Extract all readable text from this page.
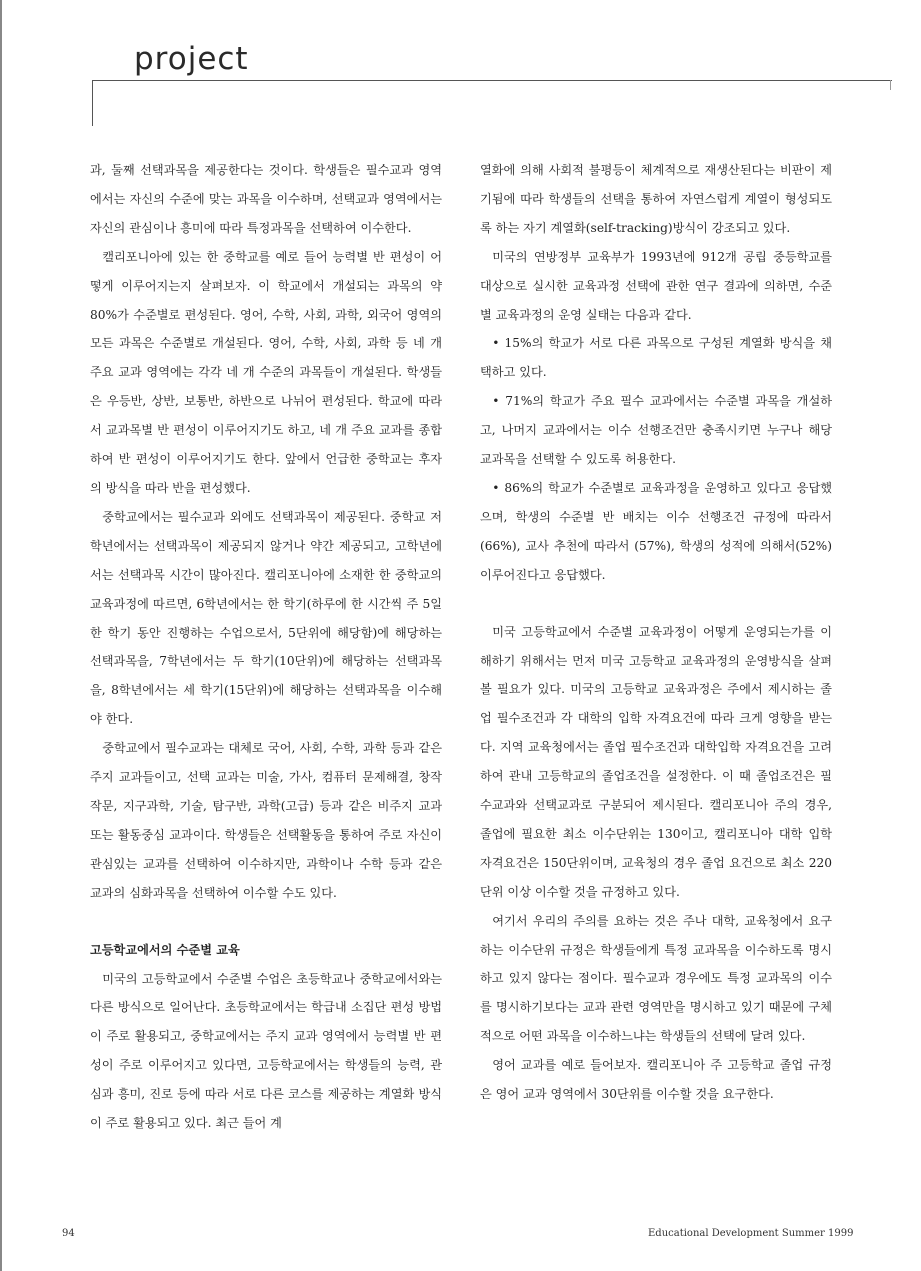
project

과, 둘째 선택과목을 제공한다는 것이다. 학생들은 필수교과 영역에서는 자신의 수준에 맞는 과목을 이수하며, 선택교과 영역에서는 자신의 관심이나 흥미에 따라 특정과목을 선택하여 이수한다.

캘리포니아에 있는 한 중학교를 예로 들어 능력별 반 편성이 어떻게 이루어지는지 살펴보자. 이 학교에서 개설되는 과목의 약 80%가 수준별로 편성된다. 영어, 수학, 사회, 과학, 외국어 영역의 모든 과목은 수준별로 개설된다. 영어, 수학, 사회, 과학 등 네 개 주요 교과 영역에는 각각 네 개 수준의 과목들이 개설된다. 학생들은 우등반, 상반, 보통반, 하반으로 나뉘어 편성된다. 학교에 따라서 교과목별 반 편성이 이루어지기도 하고, 네 개 주요 교과를 종합하여 반 편성이 이루어지기도 한다. 앞에서 언급한 중학교는 후자의 방식을 따라 반을 편성했다.

중학교에서는 필수교과 외에도 선택과목이 제공된다. 중학교 저학년에서는 선택과목이 제공되지 않거나 약간 제공되고, 고학년에서는 선택과목 시간이 많아진다. 캘리포니아에 소재한 한 중학교의 교육과정에 따르면, 6학년에서는 한 학기(하루에 한 시간씩 주 5일 한 학기 동안 진행하는 수업으로서, 5단위에 해당함)에 해당하는 선택과목을, 7학년에서는 두 학기(10단위)에 해당하는 선택과목을, 8학년에서는 세 학기(15단위)에 해당하는 선택과목을 이수해야 한다.

중학교에서 필수교과는 대체로 국어, 사회, 수학, 과학 등과 같은 주지 교과들이고, 선택 교과는 미술, 가사, 컴퓨터 문제해결, 창작작문, 지구과학, 기술, 탐구반, 과학(고급) 등과 같은 비주지 교과 또는 활동중심 교과이다. 학생들은 선택활동을 통하여 주로 자신이 관심있는 교과를 선택하여 이수하지만, 과학이나 수학 등과 같은 교과의 심화과목을 선택하여 이수할 수도 있다.

고등학교에서의 수준별 교육

미국의 고등학교에서 수준별 수업은 초등학교나 중학교에서와는 다른 방식으로 일어난다. 초등학교에서는 학급내 소집단 편성 방법이 주로 활용되고, 중학교에서는 주지 교과 영역에서 능력별 반 편성이 주로 이루어지고 있다면, 고등학교에서는 학생들의 능력, 관심과 흥미, 진로 등에 따라 서로 다른 코스를 제공하는 계열화 방식이 주로 활용되고 있다. 최근 들어 계

열화에 의해 사회적 불평등이 체계적으로 재생산된다는 비판이 제기됨에 따라 학생들의 선택을 통하여 자연스럽게 계열이 형성되도록 하는 자기 계열화(self-tracking)방식이 강조되고 있다.

미국의 연방정부 교육부가 1993년에 912개 공립 중등학교를 대상으로 실시한 교육과정 선택에 관한 연구 결과에 의하면, 수준별 교육과정의 운영 실태는 다음과 같다.

• 15%의 학교가 서로 다른 과목으로 구성된 계열화 방식을 채택하고 있다.

• 71%의 학교가 주요 필수 교과에서는 수준별 과목을 개설하고, 나머지 교과에서는 이수 선행조건만 충족시키면 누구나 해당 교과목을 선택할 수 있도록 허용한다.

• 86%의 학교가 수준별로 교육과정을 운영하고 있다고 응답했으며, 학생의 수준별 반 배치는 이수 선행조건 규정에 따라서(66%), 교사 추천에 따라서 (57%), 학생의 성적에 의해서(52%) 이루어진다고 응답했다.

미국 고등학교에서 수준별 교육과정이 어떻게 운영되는가를 이해하기 위해서는 먼저 미국 고등학교 교육과정의 운영방식을 살펴볼 필요가 있다. 미국의 고등학교 교육과정은 주에서 제시하는 졸업 필수조건과 각 대학의 입학 자격요건에 따라 크게 영향을 받는다. 지역 교육청에서는 졸업 필수조건과 대학입학 자격요건을 고려하여 관내 고등학교의 졸업조건을 설정한다. 이 때 졸업조건은 필수교과와 선택교과로 구분되어 제시된다. 캘리포니아 주의 경우, 졸업에 필요한 최소 이수단위는 130이고, 캘리포니아 대학 입학 자격요건은 150단위이며, 교육청의 경우 졸업 요건으로 최소 220단위 이상 이수할 것을 규정하고 있다.

여기서 우리의 주의를 요하는 것은 주나 대학, 교육청에서 요구하는 이수단위 규정은 학생들에게 특정 교과목을 이수하도록 명시하고 있지 않다는 점이다. 필수교과 경우에도 특정 교과목의 이수를 명시하기보다는 교과 관련 영역만을 명시하고 있기 때문에 구체적으로 어떤 과목을 이수하느냐는 학생들의 선택에 달려 있다.

영어 교과를 예로 들어보자. 캘리포니아 주 고등학교 졸업 규정은 영어 교과 영역에서 30단위를 이수할 것을 요구한다.

94	Educational Development Summer 1999
